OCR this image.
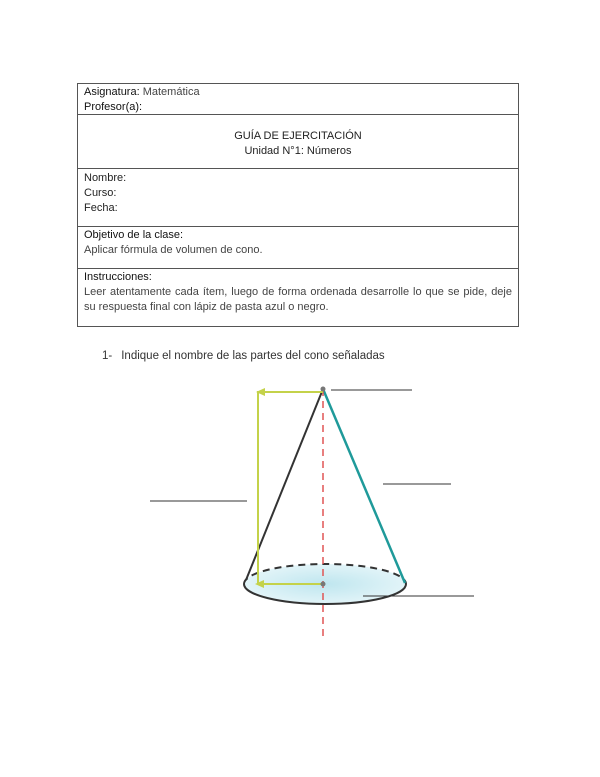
Asignatura: Matemática
Profesor(a):
GUÍA DE EJERCITACIÓN
Unidad N°1: Números
Nombre:
Curso:
Fecha:
Objetivo de la clase:
Aplicar fórmula de volumen de cono.
Instrucciones:
Leer atentamente cada ítem, luego de forma ordenada desarrolle lo que se pide, deje su respuesta final con lápiz de pasta azul o negro.
1- Indique el nombre de las partes del cono señaladas
